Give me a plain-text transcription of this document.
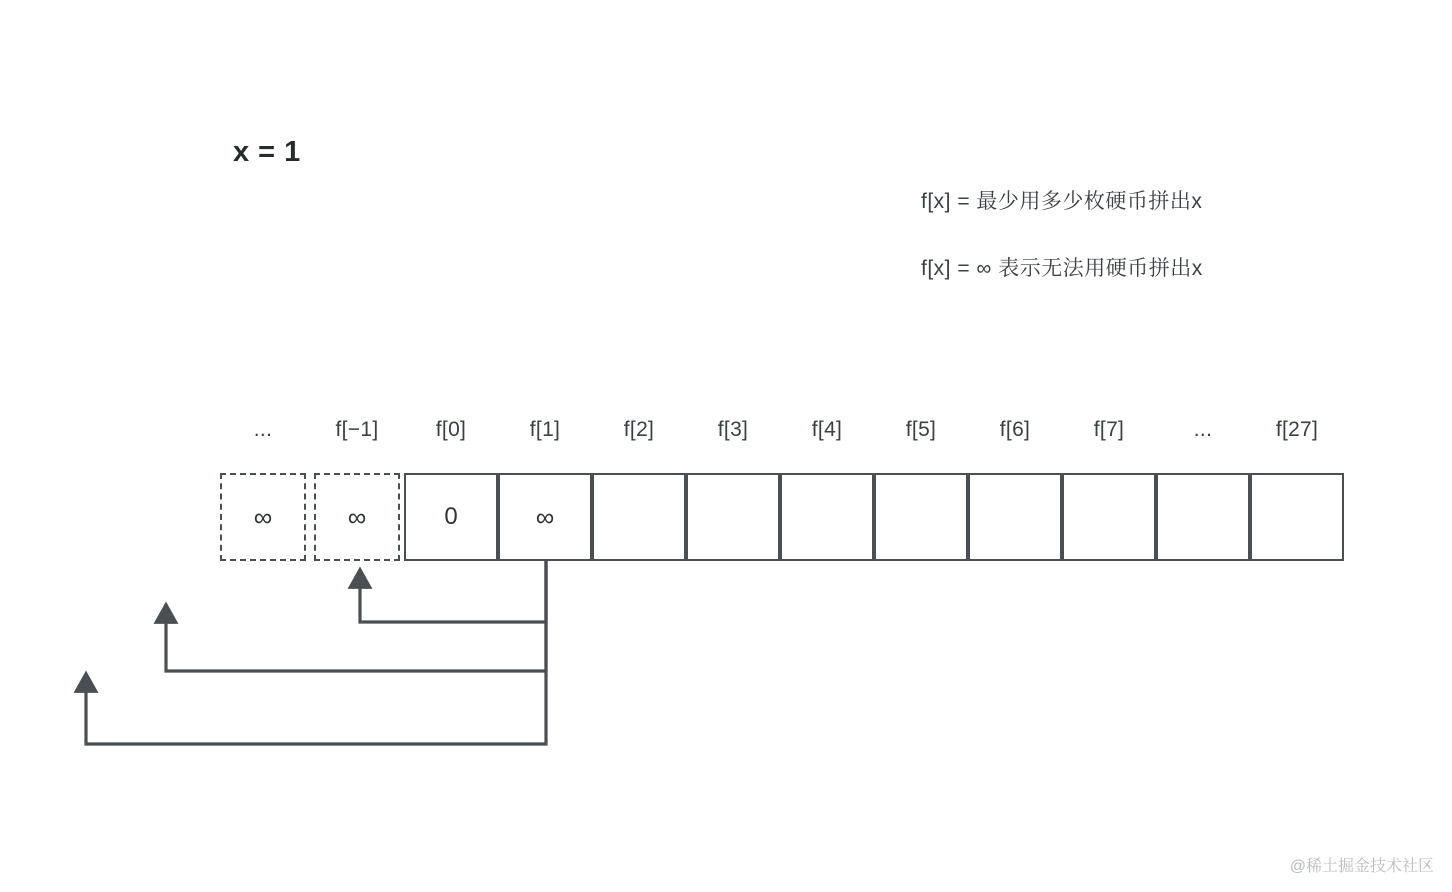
x = 1
f[x] = 最少用多少枚硬币拼出x
f[x] = ∞ 表示无法用硬币拼出x
...	f[−1]	f[0]	f[1]	f[2]	f[3]	f[4]	f[5]	f[6]	f[7]	...	f[27]
∞	∞	0	∞
@稀土掘金技术社区
